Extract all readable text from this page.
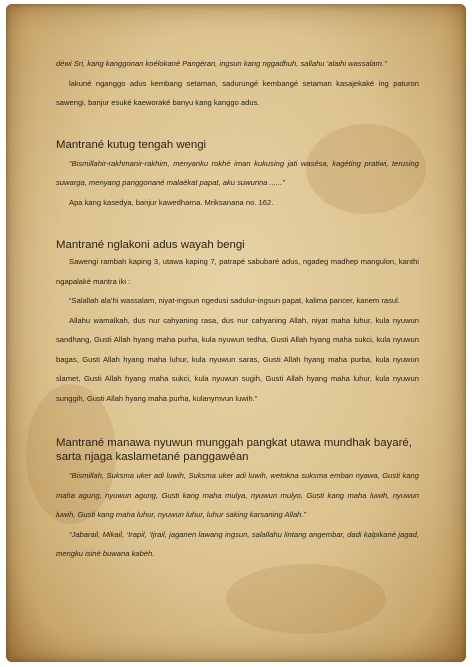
déwi Sri, kang kanggonan koélokané Pangéran, ingsun kang nggadhuh, sallahu ‘alaihi wassalam.”

lakuné nganggo adus kembang setaman, sadurungé kembangé setaman kasajekaké ing paturon sawengi, banjur esuké kaeworaké banyu kang kanggo adus.

Mantrané kutug tengah wengi

“Bismillahir-rakhmanir-rakhim, menyanku rokhé iman kukusing jati wasésa, kagéting pratiwi, terusing suwarga, menyang panggonané malaékat papat, aku suwunna ......”

Apa kang kasedya, banjur kawedharna. Mriksanana no. 162.

Mantrané nglakoni adus wayah bengi

Sawengi rambah kaping 3, utawa kaping 7, patrapé sabubaré adus, ngadeg madhep mangulon, kanthi ngapalaké mantra iki :

“Salallah ala’hi wassalam, niyat-ingsun ngedusi sadulur-ingsun papat, kalima pancer, kanem rasul.

Allahu wamalkah, dus nur cahyaning rasa, dus nur cahyaning Allah, niyat maha luhur, kula nyuwun sandhang, Gusti Allah hyang maha purha, kula nyuwun tedha, Gusti Allah hyang maha sukci, kula nyuwun bagas, Gusti Allah hyang maha luhur, kula nyuwun saras, Gusti Allah hyang maha purba, kula nyuwun slamet, Gusti Allah hyang maha sukci, kula nyuwun sugih, Gusti Allah hyang maha luhur, kula nyuwun sunggih, Gusti Allah hyang maha purha, kulanymvun luwih.”

Mantrané manawa nyuwun munggah pangkat utawa mundhak bayaré, sarta njaga kaslametané panggawéan

“Bismillah, Suksma uker adi luwih, Suksma uker adi luwih, wetokna suksma emban nyawa, Gusti kang maha agung, nyuwun agung, Gusti kang maha mulya, nyuwun mulyo, Gusti kang maha luwih, nyuwun luwih, Gusti kang maha luhur, nyuwun luhur, luhur saking karsaning Allah.”

“Jabarail, Mikail, ‘Irapil, ‘Ijrail, jaganen lawang ingsun, salallahu lintang angembar, dadi kalpikané jagad, mengku isiné buwana kabèh.
